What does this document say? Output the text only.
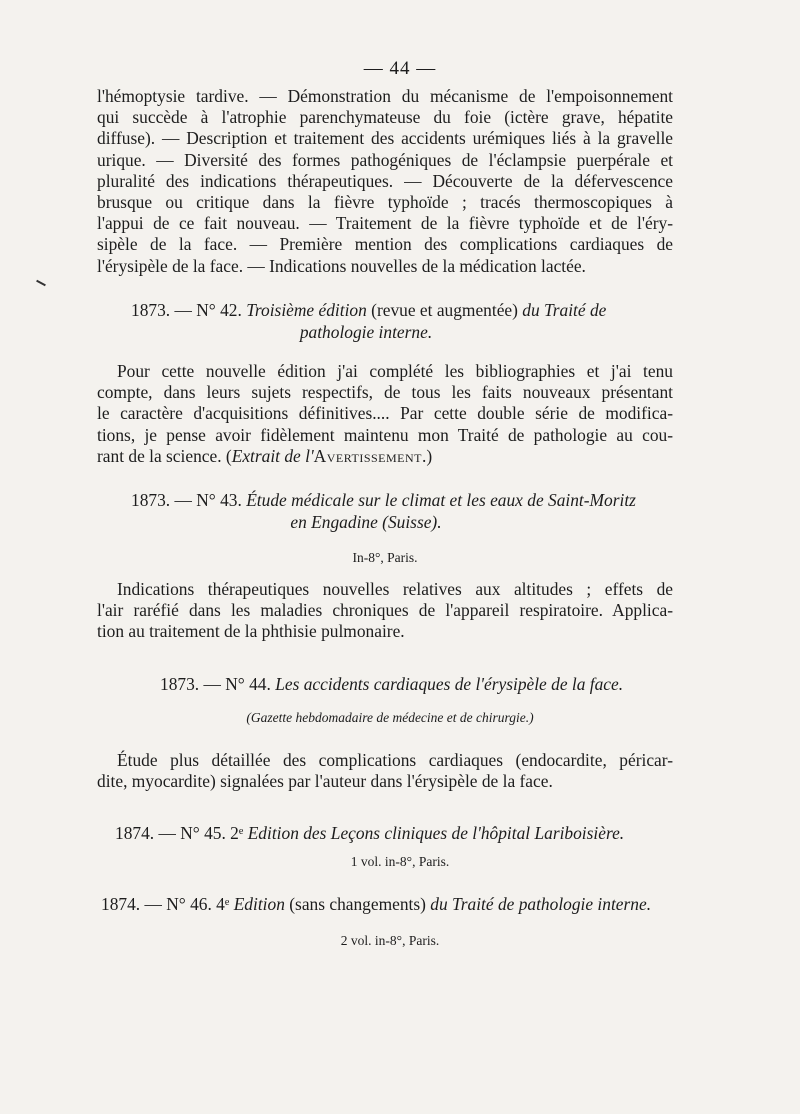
— 44 —
l'hémoptysie tardive. — Démonstration du mécanisme de l'empoisonnement
qui succède à l'atrophie parenchymateuse du foie (ictère grave, hépatite
diffuse). — Description et traitement des accidents urémiques liés à la gravelle
urique. — Diversité des formes pathogéniques de l'éclampsie puerpérale et
pluralité des indications thérapeutiques. — Découverte de la défervescence
brusque ou critique dans la fièvre typhoïde ; tracés thermoscopiques à
l'appui de ce fait nouveau. — Traitement de la fièvre typhoïde et de l'éry-
sipèle de la face. — Première mention des complications cardiaques de
l'érysipèle de la face. — Indications nouvelles de la médication lactée.
1873. — N° 42. Troisième édition (revue et augmentée) du Traité de
pathologie interne.
Pour cette nouvelle édition j'ai complété les bibliographies et j'ai tenu
compte, dans leurs sujets respectifs, de tous les faits nouveaux présentant
le caractère d'acquisitions définitives.... Par cette double série de modifica-
tions, je pense avoir fidèlement maintenu mon Traité de pathologie au cou-
rant de la science. (Extrait de l'Avertissement.)
1873. — N° 43. Étude médicale sur le climat et les eaux de Saint-Moritz
en Engadine (Suisse).
In-8°, Paris.
Indications thérapeutiques nouvelles relatives aux altitudes ; effets de
l'air raréfié dans les maladies chroniques de l'appareil respiratoire. Applica-
tion au traitement de la phthisie pulmonaire.
1873. — N° 44. Les accidents cardiaques de l'érysipèle de la face.
(Gazette hebdomadaire de médecine et de chirurgie.)
Étude plus détaillée des complications cardiaques (endocardite, péricar-
dite, myocardite) signalées par l'auteur dans l'érysipèle de la face.
1874. — N° 45. 2ᵉ Edition des Leçons cliniques de l'hôpital Lariboisière.
1 vol. in-8°, Paris.
1874. — N° 46. 4ᵉ Edition (sans changements) du Traité de pathologie interne.
2 vol. in-8°, Paris.
